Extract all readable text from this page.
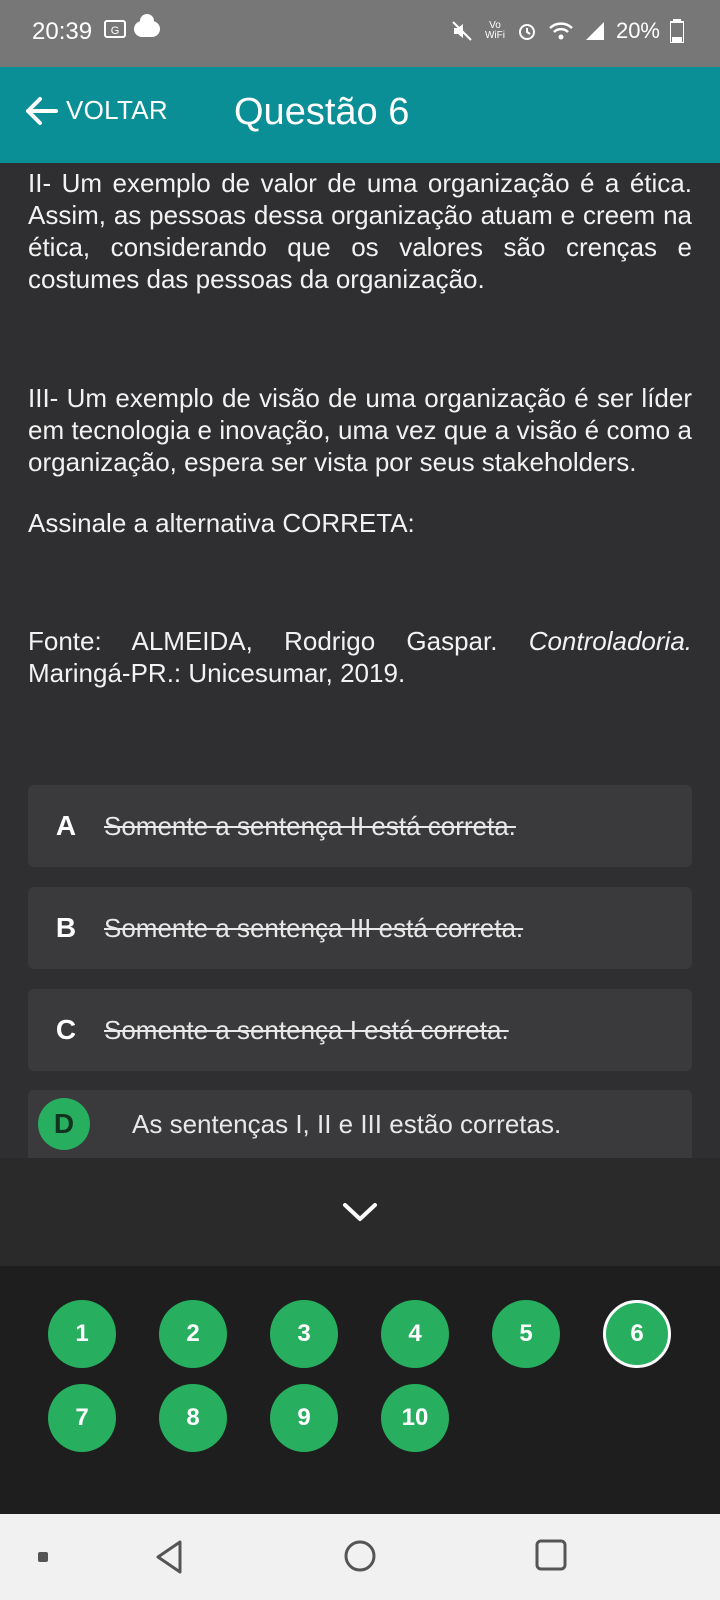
20:39	G	Vo
WiFi	20%
VOLTAR Questão 6

II- Um exemplo de valor de uma organização é a ética. Assim, as pessoas dessa organização atuam e creem na ética, considerando que os valores são crenças e costumes das pessoas da organização.

III- Um exemplo de visão de uma organização é ser líder em tecnologia e inovação, uma vez que a visão é como a organização, espera ser vista por seus stakeholders.

Assinale a alternativa CORRETA:

Fonte: ALMEIDA, Rodrigo Gaspar. Controladoria. Maringá-PR.: Unicesumar, 2019.

A	Somente a sentença II está correta.
B	Somente a sentença III está correta.
C	Somente a sentença I está correta.
D	As sentenças I, II e III estão corretas.
1	2	3	4	5	6
7	8	9	10
